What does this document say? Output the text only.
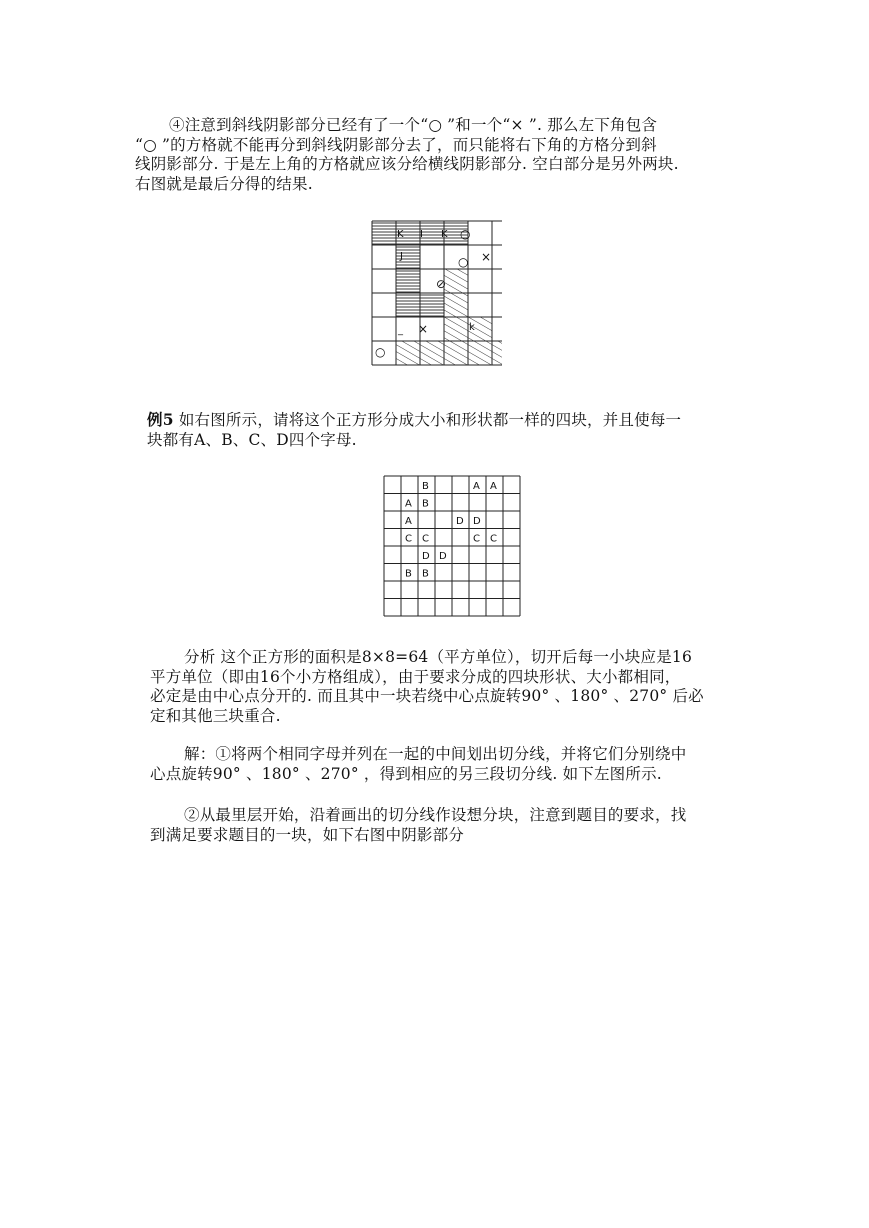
④注意到斜线阴影部分已经有了一个“○ ”和一个“× ”. 那么左下角包含
“○ ”的方格就不能再分到斜线阴影部分去了，而只能将右下角的方格分到斜
线阴影部分. 于是左上角的方格就应该分给横线阴影部分. 空白部分是另外两块.
右图就是最后分得的结果.
K I K ○
J	○ ×
⊘
_ ×	k
○
例5 如右图所示，请将这个正方形分成大小和形状都一样的四块，并且使每一
块都有A、B、C、D四个字母.
B	A A
A B
A	D D
C C	C C
D D
B B
分析 这个正方形的面积是8×8=64（平方单位），切开后每一小块应是16
平方单位（即由16个小方格组成），由于要求分成的四块形状、大小都相同，
必定是由中心点分开的. 而且其中一块若绕中心点旋转90° 、180° 、270° 后必
定和其他三块重合.
解：①将两个相同字母并列在一起的中间划出切分线，并将它们分别绕中
心点旋转90° 、180° 、270° ，得到相应的另三段切分线. 如下左图所示.
②从最里层开始，沿着画出的切分线作设想分块，注意到题目的要求，找
到满足要求题目的一块，如下右图中阴影部分
